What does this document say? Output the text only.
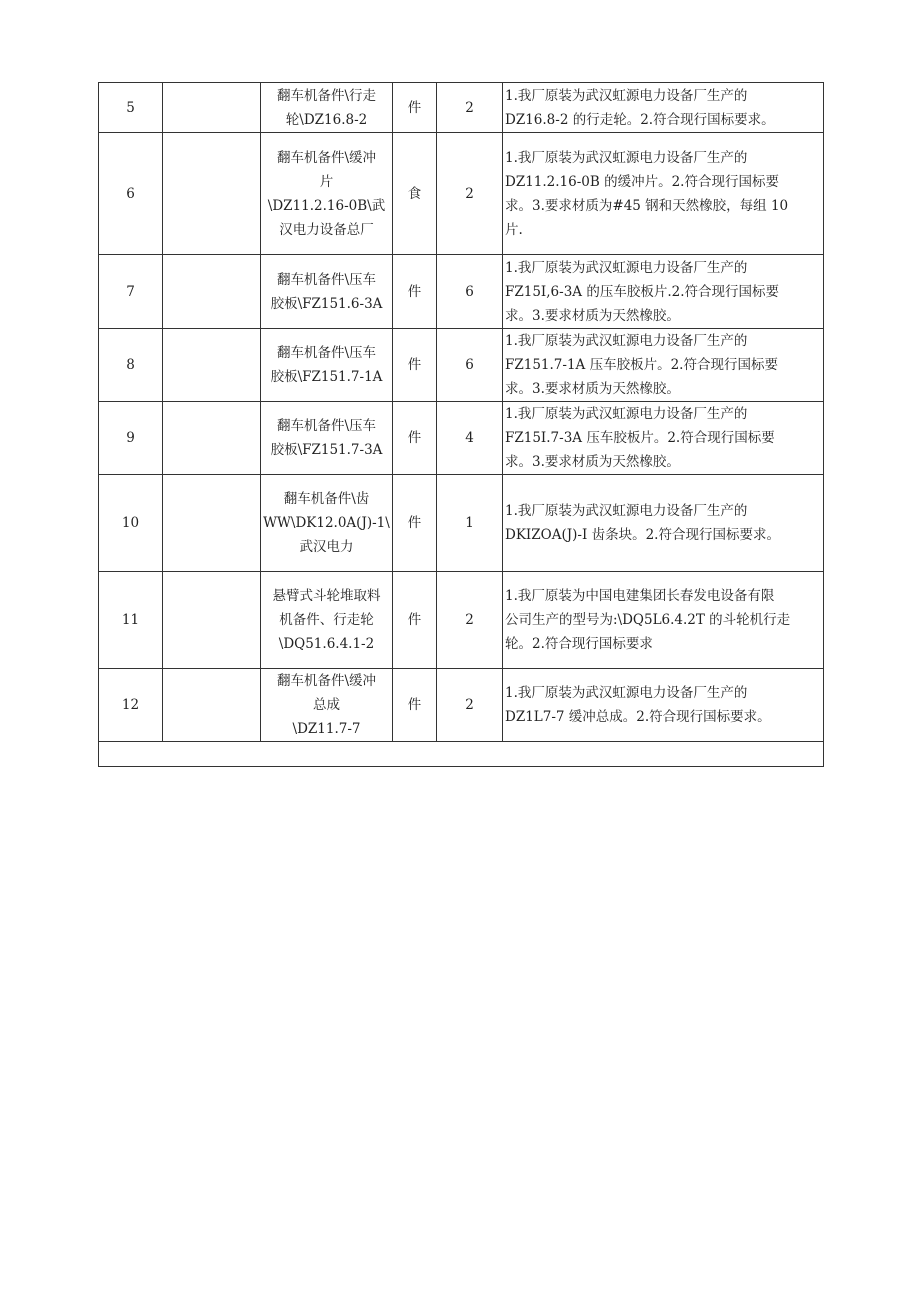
5		翻车机备件\行走
轮\DZ16.8-2	件	2	1.我厂原装为武汉虹源电力设备厂生产的
DZ16.8-2 的行走轮。2.符合现行国标要求。

6		翻车机备件\缓冲
片
\DZ11.2.16-0B\武
汉电力设备总厂	食	2	1.我厂原装为武汉虹源电力设备厂生产的
DZ11.2.16-0B 的缓冲片。2.符合现行国标要
求。3.要求材质为#45 钢和天然橡胶，每组 10
片.

7		翻车机备件\压车
胶板\FZ151.6-3A	件	6	1.我厂原装为武汉虹源电力设备厂生产的
FZ15I,6-3A 的压车胶板片.2.符合现行国标要
求。3.要求材质为天然橡胶。

8		翻车机备件\压车
胶板\FZ151.7-1A	件	6	1.我厂原装为武汉虹源电力设备厂生产的
FZ151.7-1A 压车胶板片。2.符合现行国标要
求。3.要求材质为天然橡胶。

9		翻车机备件\压车
胶板\FZ151.7-3A	件	4	1.我厂原装为武汉虹源电力设备厂生产的
FZ15I.7-3A 压车胶板片。2.符合现行国标要
求。3.要求材质为天然橡胶。

10		翻车机备件\齿
WW\DK12.0A(J)-1\
武汉电力	件	1	1.我厂原装为武汉虹源电力设备厂生产的
DKIZOA(J)-I 齿条块。2.符合现行国标要求。

11		悬臂式斗轮堆取料
机备件、行走轮
\DQ51.6.4.1-2	件	2	1.我厂原装为中国电建集团长春发电设备有限
公司生产的型号为:\DQ5L6.4.2T 的斗轮机行走
轮。2.符合现行国标要求

12		翻车机备件\缓冲
总成
\DZ11.7-7	件	2	1.我厂原装为武汉虹源电力设备厂生产的
DZ1L7-7 缓冲总成。2.符合现行国标要求。
